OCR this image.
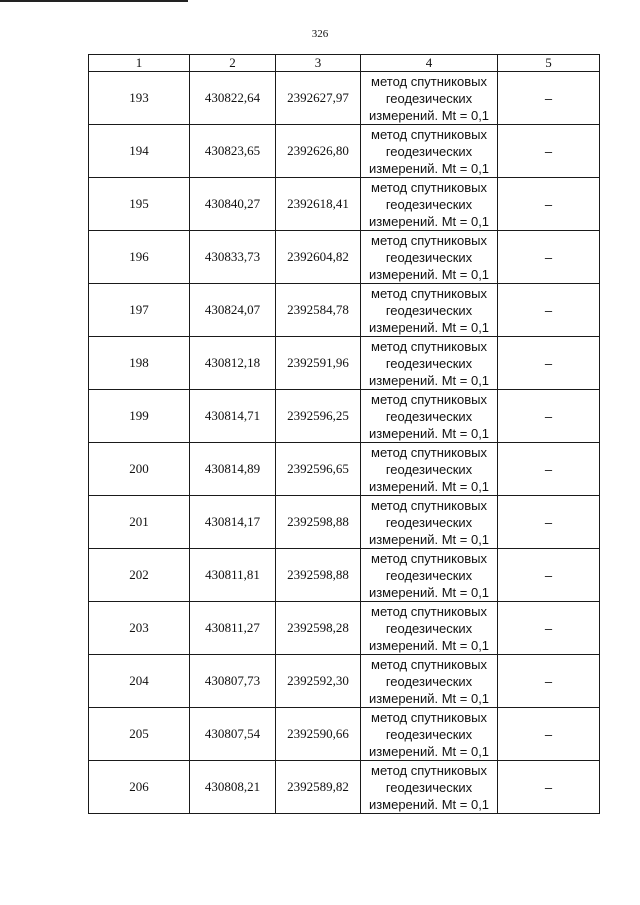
326
1	2	3	4	5
193	430822,64	2392627,97	метод спутниковых
геодезических
измерений. Mt = 0,1	–
194	430823,65	2392626,80	метод спутниковых
геодезических
измерений. Mt = 0,1	–
195	430840,27	2392618,41	метод спутниковых
геодезических
измерений. Mt = 0,1	–
196	430833,73	2392604,82	метод спутниковых
геодезических
измерений. Mt = 0,1	–
197	430824,07	2392584,78	метод спутниковых
геодезических
измерений. Mt = 0,1	–
198	430812,18	2392591,96	метод спутниковых
геодезических
измерений. Mt = 0,1	–
199	430814,71	2392596,25	метод спутниковых
геодезических
измерений. Mt = 0,1	–
200	430814,89	2392596,65	метод спутниковых
геодезических
измерений. Mt = 0,1	–
201	430814,17	2392598,88	метод спутниковых
геодезических
измерений. Mt = 0,1	–
202	430811,81	2392598,88	метод спутниковых
геодезических
измерений. Mt = 0,1	–
203	430811,27	2392598,28	метод спутниковых
геодезических
измерений. Mt = 0,1	–
204	430807,73	2392592,30	метод спутниковых
геодезических
измерений. Mt = 0,1	–
205	430807,54	2392590,66	метод спутниковых
геодезических
измерений. Mt = 0,1	–
206	430808,21	2392589,82	метод спутниковых
геодезических
измерений. Mt = 0,1	–
